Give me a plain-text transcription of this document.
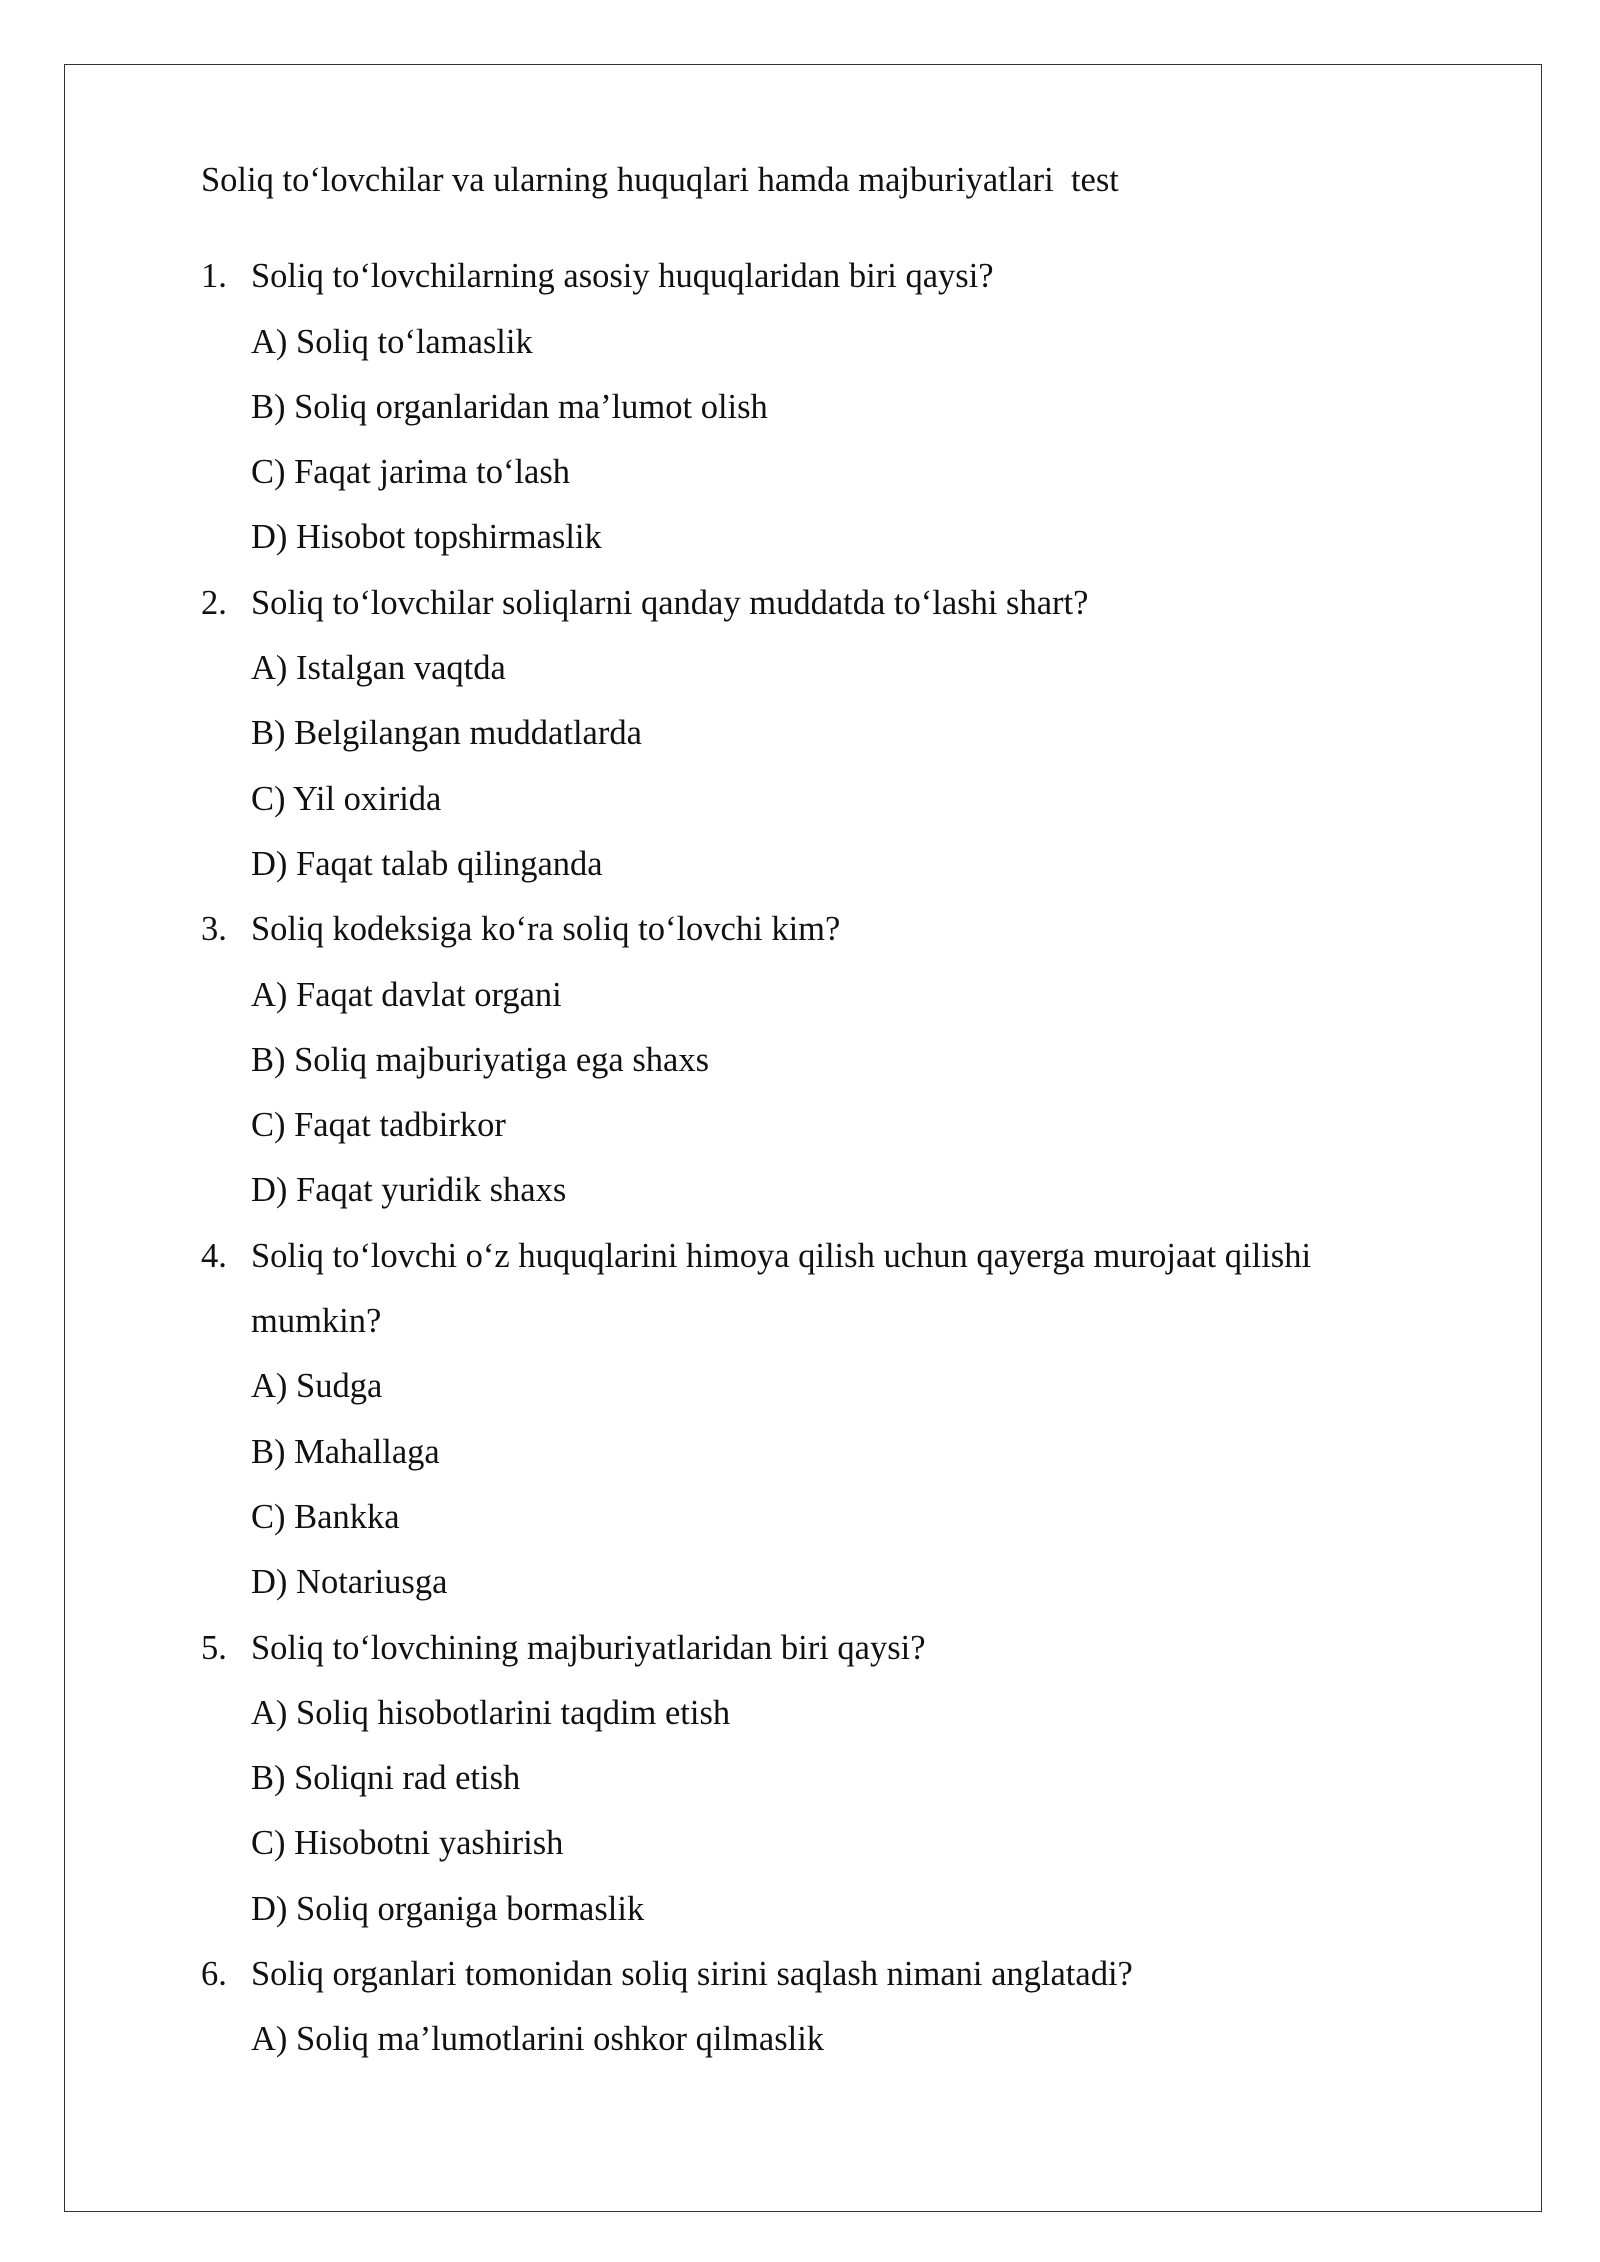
Soliq to‘lovchilar va ularning huquqlari hamda majburiyatlari  test
1. Soliq to‘lovchilarning asosiy huquqlaridan biri qaysi?
A) Soliq to‘lamaslik
B) Soliq organlaridan ma’lumot olish
C) Faqat jarima to‘lash
D) Hisobot topshirmaslik
2. Soliq to‘lovchilar soliqlarni qanday muddatda to‘lashi shart?
A) Istalgan vaqtda
B) Belgilangan muddatlarda
C) Yil oxirida
D) Faqat talab qilinganda
3. Soliq kodeksiga ko‘ra soliq to‘lovchi kim?
A) Faqat davlat organi
B) Soliq majburiyatiga ega shaxs
C) Faqat tadbirkor
D) Faqat yuridik shaxs
4. Soliq to‘lovchi o‘z huquqlarini himoya qilish uchun qayerga murojaat qilishi mumkin?
A) Sudga
B) Mahallaga
C) Bankka
D) Notariusga
5. Soliq to‘lovchining majburiyatlaridan biri qaysi?
A) Soliq hisobotlarini taqdim etish
B) Soliqni rad etish
C) Hisobotni yashirish
D) Soliq organiga bormaslik
6. Soliq organlari tomonidan soliq sirini saqlash nimani anglatadi?
A) Soliq ma’lumotlarini oshkor qilmaslik
